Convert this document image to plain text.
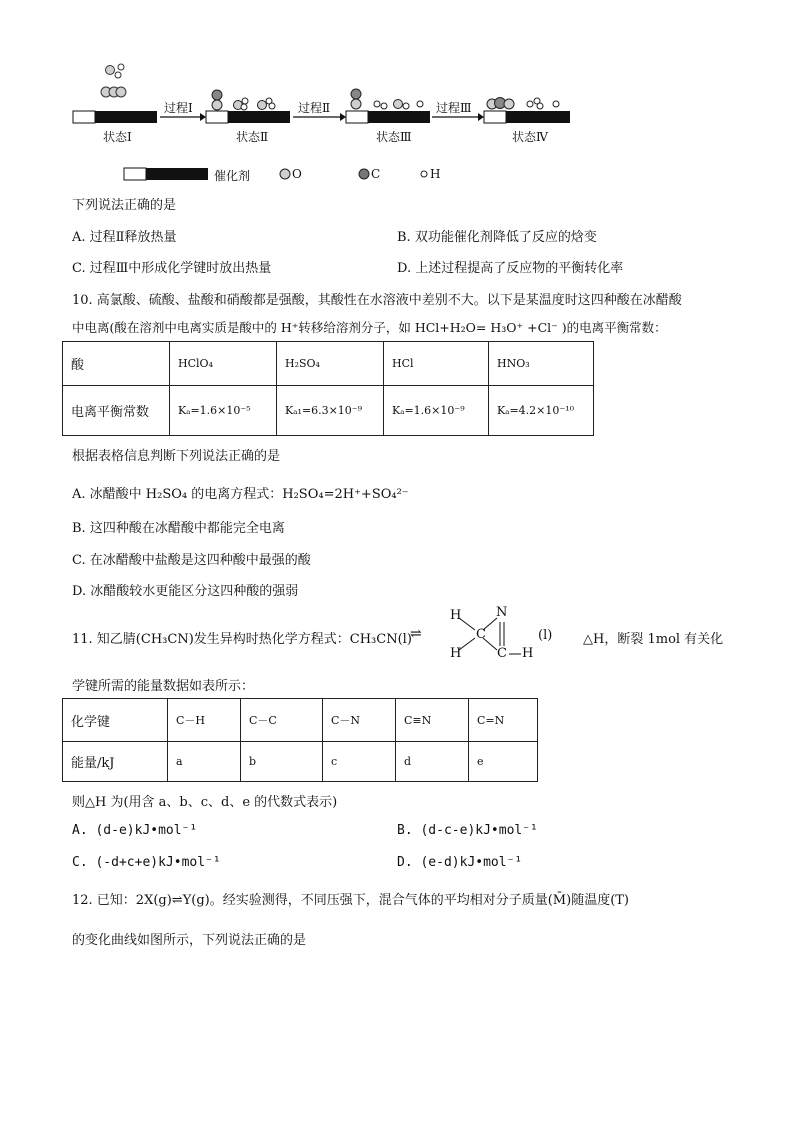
过程Ⅰ	过程Ⅱ	过程Ⅲ
状态Ⅰ	状态Ⅱ	状态Ⅲ	状态Ⅳ
催化剂	O	C	H
下列说法正确的是
A. 过程Ⅱ释放热量	B. 双功能催化剂降低了反应的焓变
C. 过程Ⅲ中形成化学键时放出热量	D. 上述过程提高了反应物的平衡转化率
10. 高氯酸、硫酸、盐酸和硝酸都是强酸，其酸性在水溶液中差别不大。以下是某温度时这四种酸在冰醋酸
中电离(酸在溶剂中电离实质是酸中的 H⁺转移给溶剂分子，如 HCl+H₂O= H₃O⁺ +Cl⁻ )的电离平衡常数：
酸	HClO₄	H₂SO₄	HCl	HNO₃
电离平衡常数	Kₐ=1.6×10⁻⁵	Kₐ₁=6.3×10⁻⁹	Kₐ=1.6×10⁻⁹	Kₐ=4.2×10⁻¹⁰
根据表格信息判断下列说法正确的是
A. 冰醋酸中 H₂SO₄ 的电离方程式：H₂SO₄=2H⁺+SO₄²⁻
B. 这四种酸在冰醋酸中都能完全电离
C. 在冰醋酸中盐酸是这四种酸中最强的酸
D. 冰醋酸较水更能区分这四种酸的强弱
11. 知乙腈(CH₃CN)发生异构时热化学方程式：CH₃CN(l)
⇌
H
H
C
N
C H
(l) △H，断裂 1mol 有关化
学键所需的能量数据如表所示：
化学键	C－H	C－C	C－N	C≡N	C=N
能量/kJ	a	b	c	d	e
则△H 为(用含 a、b、c、d、e 的代数式表示)
A. (d-e)kJ•mol⁻¹	B. (d-c-e)kJ•mol⁻¹
C. (-d+c+e)kJ•mol⁻¹	D. (e-d)kJ•mol⁻¹
12. 已知：2X(g)⇌Y(g)。经实验测得，不同压强下，混合气体的平均相对分子质量(M̄)随温度(T)
的变化曲线如图所示，下列说法正确的是
